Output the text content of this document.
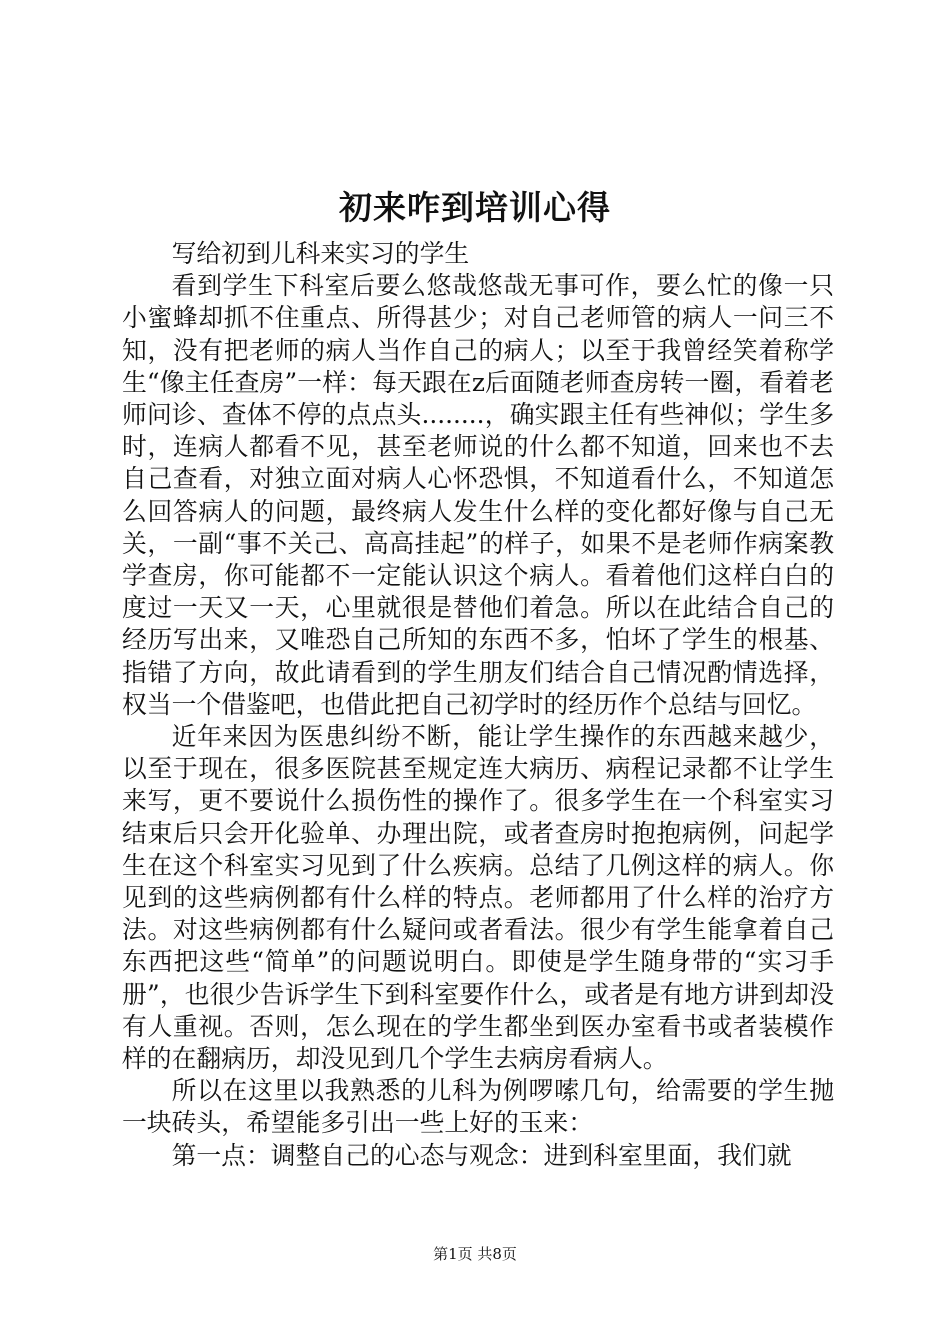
初来咋到培训心得

写给初到儿科来实习的学生

看到学生下科室后要么悠哉悠哉无事可作，要么忙的像一只小蜜蜂却抓不住重点、所得甚少；对自己老师管的病人一问三不知，没有把老师的病人当作自己的病人；以至于我曾经笑着称学生“像主任查房”一样：每天跟在z后面随老师查房转一圈，看着老师问诊、查体不停的点点头........，确实跟主任有些神似；学生多时，连病人都看不见，甚至老师说的什么都不知道，回来也不去自己查看，对独立面对病人心怀恐惧，不知道看什么，不知道怎么回答病人的问题，最终病人发生什么样的变化都好像与自己无关，一副“事不关己、高高挂起”的样子，如果不是老师作病案教学查房，你可能都不一定能认识这个病人。看着他们这样白白的度过一天又一天，心里就很是替他们着急。所以在此结合自己的经历写出来，又唯恐自己所知的东西不多，怕坏了学生的根基、指错了方向，故此请看到的学生朋友们结合自己情况酌情选择，权当一个借鉴吧，也借此把自己初学时的经历作个总结与回忆。

近年来因为医患纠纷不断，能让学生操作的东西越来越少，以至于现在，很多医院甚至规定连大病历、病程记录都不让学生来写，更不要说什么损伤性的操作了。很多学生在一个科室实习结束后只会开化验单、办理出院，或者查房时抱抱病例，问起学生在这个科室实习见到了什么疾病。总结了几例这样的病人。你见到的这些病例都有什么样的特点。老师都用了什么样的治疗方法。对这些病例都有什么疑问或者看法。很少有学生能拿着自己东西把这些“简单”的问题说明白。即使是学生随身带的“实习手册”，也很少告诉学生下到科室要作什么，或者是有地方讲到却没有人重视。否则，怎么现在的学生都坐到医办室看书或者装模作样的在翻病历，却没见到几个学生去病房看病人。

所以在这里以我熟悉的儿科为例啰嗦几句，给需要的学生抛一块砖头，希望能多引出一些上好的玉来：

第一点：调整自己的心态与观念：进到科室里面，我们就

第1页 共8页
